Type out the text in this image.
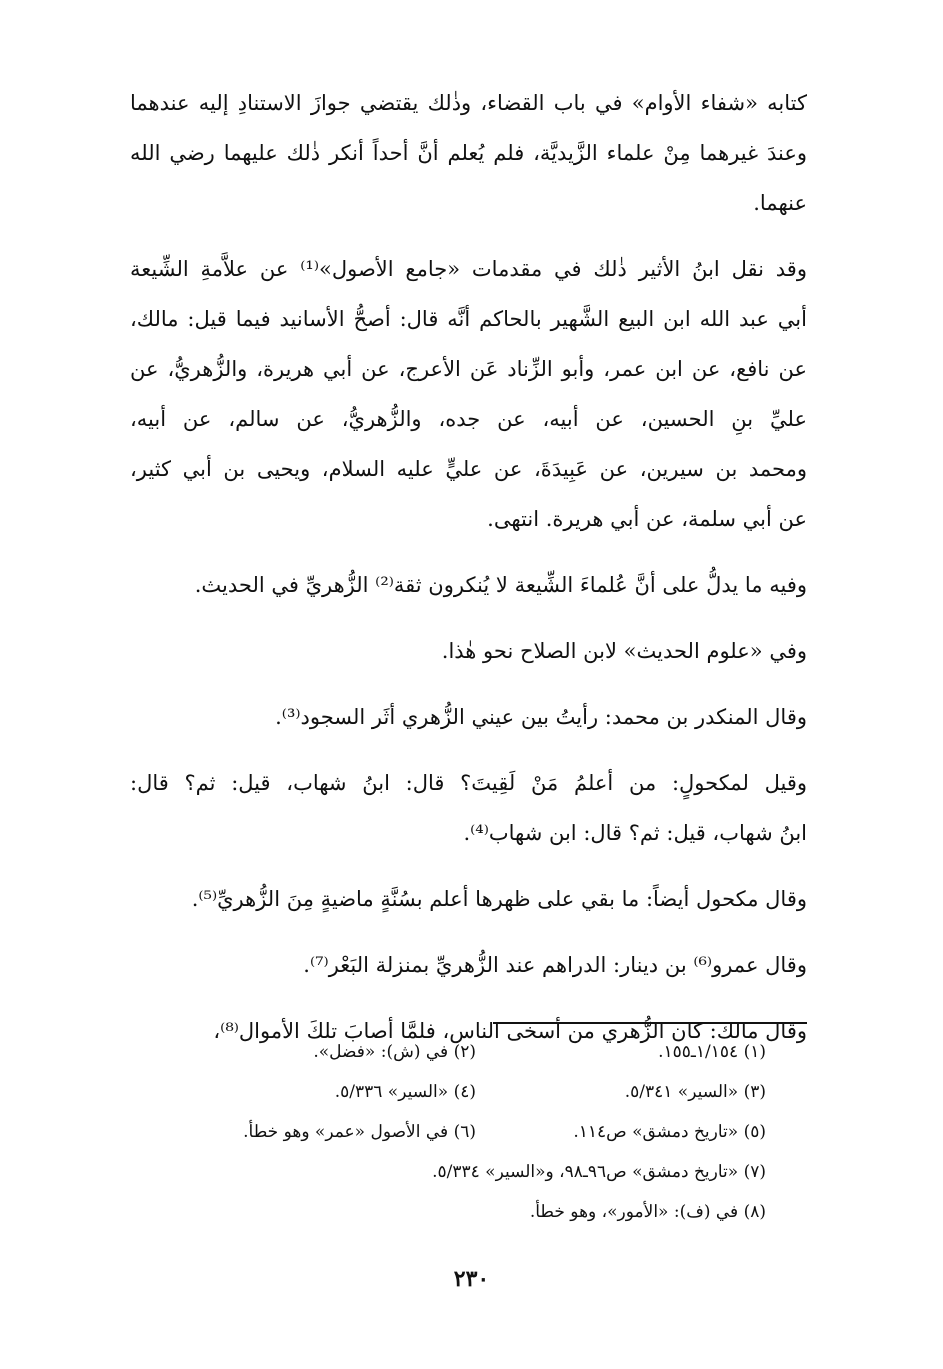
كتابه «شفاء الأوام» في باب القضاء، وذٰلك يقتضي جوازَ الاستنادِ إليه عندهما
وعندَ غيرهما مِنْ علماء الزَّيديَّة، فلم يُعلم أنَّ أحداً أنكر ذٰلك عليهما رضي الله
عنهما.
وقد نقل ابنُ الأثير ذٰلك في مقدمات «جامع الأصول»⁽¹⁾ عن علاَّمةِ الشِّيعة
أبي عبد الله ابن البيع الشَّهير بالحاكم أنَّه قال: أصحُّ الأسانيد فيما قيل: مالك،
عن نافع، عن ابن عمر، وأبو الزِّناد عَن الأعرج، عن أبي هريرة، والزُّهريُّ، عن
عليِّ بنِ الحسين، عن أبيه، عن جده، والزُّهريُّ، عن سالم، عن أبيه،
ومحمد بن سيرين، عن عَبِيدَةَ، عن عليٍّ عليه السلام، ويحيى بن أبي كثير،
عن أبي سلمة، عن أبي هريرة. انتهى.
وفيه ما يدلُّ على أنَّ عُلماءَ الشِّيعة لا يُنكرون ثقة⁽²⁾ الزُّهريِّ في الحديث.
وفي «علوم الحديث» لابن الصلاح نحو هٰذا.
وقال المنكدر بن محمد: رأيتُ بين عيني الزُّهري أثَر السجود⁽³⁾.
وقيل لمكحولٍ: من أعلمُ مَنْ لَقِيتَ؟ قال: ابنُ شهاب، قيل: ثم؟ قال:
ابنُ شهاب، قيل: ثم؟ قال: ابن شهاب⁽⁴⁾.
وقال مكحول أيضاً: ما بقي على ظهرها أعلم بسُنَّةٍ ماضيةٍ مِنَ الزُّهريِّ⁽⁵⁾.
وقال عمرو⁽⁶⁾ بن دينار: الدراهم عند الزُّهريِّ بمنزلة البَعْر⁽⁷⁾.
وقال مالك: كان الزُّهري من أسخى الناس، فلمَّا أصابَ تلكَ الأموال⁽⁸⁾،
(١) ١/١٥٤ـ١٥٥.
(٢) في (ش): «فضل».
(٣) «السير» ٥/٣٤١.
(٤) «السير» ٥/٣٣٦.
(٥) «تاريخ دمشق» ص١١٤.
(٦) في الأصول «عمر» وهو خطأ.
(٧) «تاريخ دمشق» ص٩٦ـ٩٨، و«السير» ٥/٣٣٤.
(٨) في (ف): «الأمور»، وهو خطأ.
٢٣٠
